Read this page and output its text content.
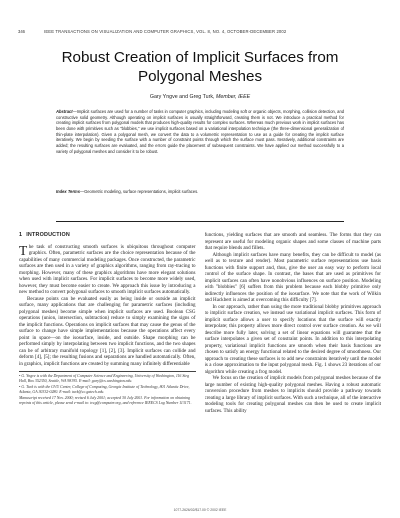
346	IEEE TRANSACTIONS ON VISUALIZATION AND COMPUTER GRAPHICS, VOL. 8, NO. 4, OCTOBER-DECEMBER 2002
Robust Creation of Implicit Surfaces from
Polygonal Meshes
Gary Yngve and Greg Turk, Member, IEEE
Abstract—Implicit surfaces are used for a number of tasks in computer graphics, including modeling soft or organic objects, morphing, collision detection, and constructive solid geometry. Although operating on implicit surfaces is usually straightforward, creating them is not. We introduce a practical method for creating implicit surfaces from polygonal models that produces high-quality results for complex surfaces. Whereas much previous work in implicit surfaces has been done with primitives such as "blobbies," we use implicit surfaces based on a variational interpolation technique (the three-dimensional generalization of thin-plate interpolation). Given a polygonal mesh, we convert the data to a volumetric representation to use as a guide for creating the implicit surface iteratively. We begin by seeding the surface with a number of constraint points through which the surface must pass. Iteratively, additional constraints are added; the resulting surfaces are evaluated, and the errors guide the placement of subsequent constraints. We have applied our method successfully to a variety of polygonal meshes and consider it to be robust.
Index Terms—Geometric modeling, surface representations, implicit surfaces.
1 INTRODUCTION

The task of constructing smooth surfaces is ubiquitous throughout computer graphics. Often, parametric surfaces are the choice representation because of the capabilities of many commercial modeling packages. Once constructed, the parametric surfaces are then used in a variety of graphics algorithms, ranging from ray-tracing to morphing. However, many of these graphics algorithms have more elegant solutions when used with implicit surfaces. For implicit surfaces to become more widely used, however, they must become easier to create. We approach this issue by introducing a new method to convert polygonal surfaces to smooth implicit surfaces automatically.

Because points can be evaluated easily as being inside or outside an implicit surface, many applications that are challenging for parametric surfaces (including polygonal meshes) become simple when implicit surfaces are used. Boolean CSG operations (union, intersection, subtraction) reduce to simply examining the signs of the implicit functions. Operations on implicit surfaces that may cause the genus of the surface to change have simple implementations because the operations affect every point in space—on the isosurface, inside, and outside. Shape morphing can be performed simply by interpolating between two implicit functions, and the two shapes can be of arbitrary manifold topology [1], [2], [3]. Implicit surfaces can collide and deform [4], [5]; the resulting fusions and separations are handled automatically. Often, in graphics, implicit functions are created by summing many infinitely differentiable

• G. Yngve is with the Department of Computer Science and Engineering, University of Washington, 116 Sieg Hall, Box 352350, Seattle, WA 98195. E-mail: gary@cs.washington.edu.

• G. Turk is with the GVU Center, College of Computing, Georgia Institute of Technology, 801 Atlantic Drive, Atlanta, GA 30332-0280. E-mail: turk@cc.gatech.edu.

Manuscript received 17 Nov. 2000; revised 6 July 2001; accepted 30 July 2001. For information on obtaining reprints of this article, please send e-mail to: tvcg@computer.org, and reference IEEECS Log Number 113171.

functions, yielding surfaces that are smooth and seamless. The forms that they can represent are useful for modeling organic shapes and some classes of machine parts that require blends and fillets.

Although implicit surfaces have many benefits, they can be difficult to model (as well as to texture and render). Most parametric surface representations use basis functions with finite support and, thus, give the user an easy way to perform local control of the surface shape. In contrast, the bases that are used as primitives for implicit surfaces can often have nonobvious influences on surface position. Modeling with "blobbies" [6] suffers from this problem because each blobby primitive only indirectly influences the position of the isosurface. We note that the work of Wilkin and Hackbert is aimed at overcoming this difficulty [7].

In our approach, rather than using the more traditional blobby primitives approach to implicit surface creation, we instead use variational implicit surfaces. This form of implicit surface allows a user to specify locations that the surface will exactly interpolate; this property allows more direct control over surface creation. As we will describe more fully later, solving a set of linear equations will guarantee that the surface interpolates a given set of constraint points. In addition to this interpolating property, variational implicit functions are smooth when their basis functions are chosen to satisfy an energy functional related to the desired degree of smoothness. Our approach to creating these surfaces is to add new constraints iteratively until the model is a close approximation to the input polygonal mesh. Fig. 1 shows 23 iterations of our algorithm while creating a frog model.

We focus on the creation of implicit models from polygonal meshes because of the large number of existing high-quality polygonal meshes. Having a robust automatic conversion procedure from meshes to implicits should provide a pathway towards creating a large library of implicit surfaces. With such a technique, all of the interactive modeling tools for creating polygonal meshes can then be used to create implicit surfaces. This ability

1077-2626/02/$17.00 © 2002 IEEE
